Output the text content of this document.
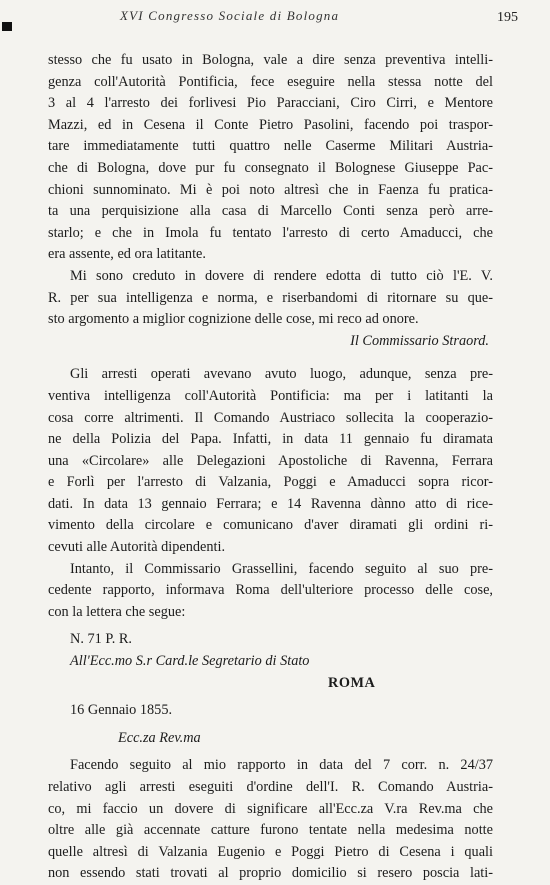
XVI Congresso Sociale di Bologna	195
stesso che fu usato in Bologna, vale a dire senza preventiva intelli-
genza coll'Autorità Pontificia, fece eseguire nella stessa notte del
3 al 4 l'arresto dei forlivesi Pio Paracciani, Ciro Cirri, e Mentore
Mazzi, ed in Cesena il Conte Pietro Pasolini, facendo poi traspor-
tare immediatamente tutti quattro nelle Caserme Militari Austria-
che di Bologna, dove pur fu consegnato il Bolognese Giuseppe Pac-
chioni sunnominato. Mi è poi noto altresì che in Faenza fu pratica-
ta una perquisizione alla casa di Marcello Conti senza però arre-
starlo; e che in Imola fu tentato l'arresto di certo Amaducci, che
era assente, ed ora latitante.
Mi sono creduto in dovere di rendere edotta di tutto ciò l'E. V.
R. per sua intelligenza e norma, e riserbandomi di ritornare su que-
sto argomento a miglior cognizione delle cose, mi reco ad onore.
Il Commissario Straord.
Gli arresti operati avevano avuto luogo, adunque, senza pre-
ventiva intelligenza coll'Autorità Pontificia: ma per i latitanti la
cosa corre altrimenti. Il Comando Austriaco sollecita la cooperazio-
ne della Polizia del Papa. Infatti, in data 11 gennaio fu diramata
una «Circolare» alle Delegazioni Apostoliche di Ravenna, Ferrara
e Forlì per l'arresto di Valzania, Poggi e Amaducci sopra ricor-
dati. In data 13 gennaio Ferrara; e 14 Ravenna dànno atto di rice-
vimento della circolare e comunicano d'aver diramati gli ordini ri-
cevuti alle Autorità dipendenti.
Intanto, il Commissario Grassellini, facendo seguito al suo pre-
cedente rapporto, informava Roma dell'ulteriore processo delle cose,
con la lettera che segue:
N. 71 P. R.
All'Ecc.mo S.r Card.le Segretario di Stato
ROMA
16 Gennaio 1855.
Ecc.za Rev.ma
Facendo seguito al mio rapporto in data del 7 corr. n. 24/37
relativo agli arresti eseguiti d'ordine dell'I. R. Comando Austria-
co, mi faccio un dovere di significare all'Ecc.za V.ra Rev.ma che
oltre alle già accennate catture furono tentate nella medesima notte
quelle altresì di Valzania Eugenio e Poggi Pietro di Cesena i quali
non essendo stati trovati al proprio domicilio si resero poscia lati-
